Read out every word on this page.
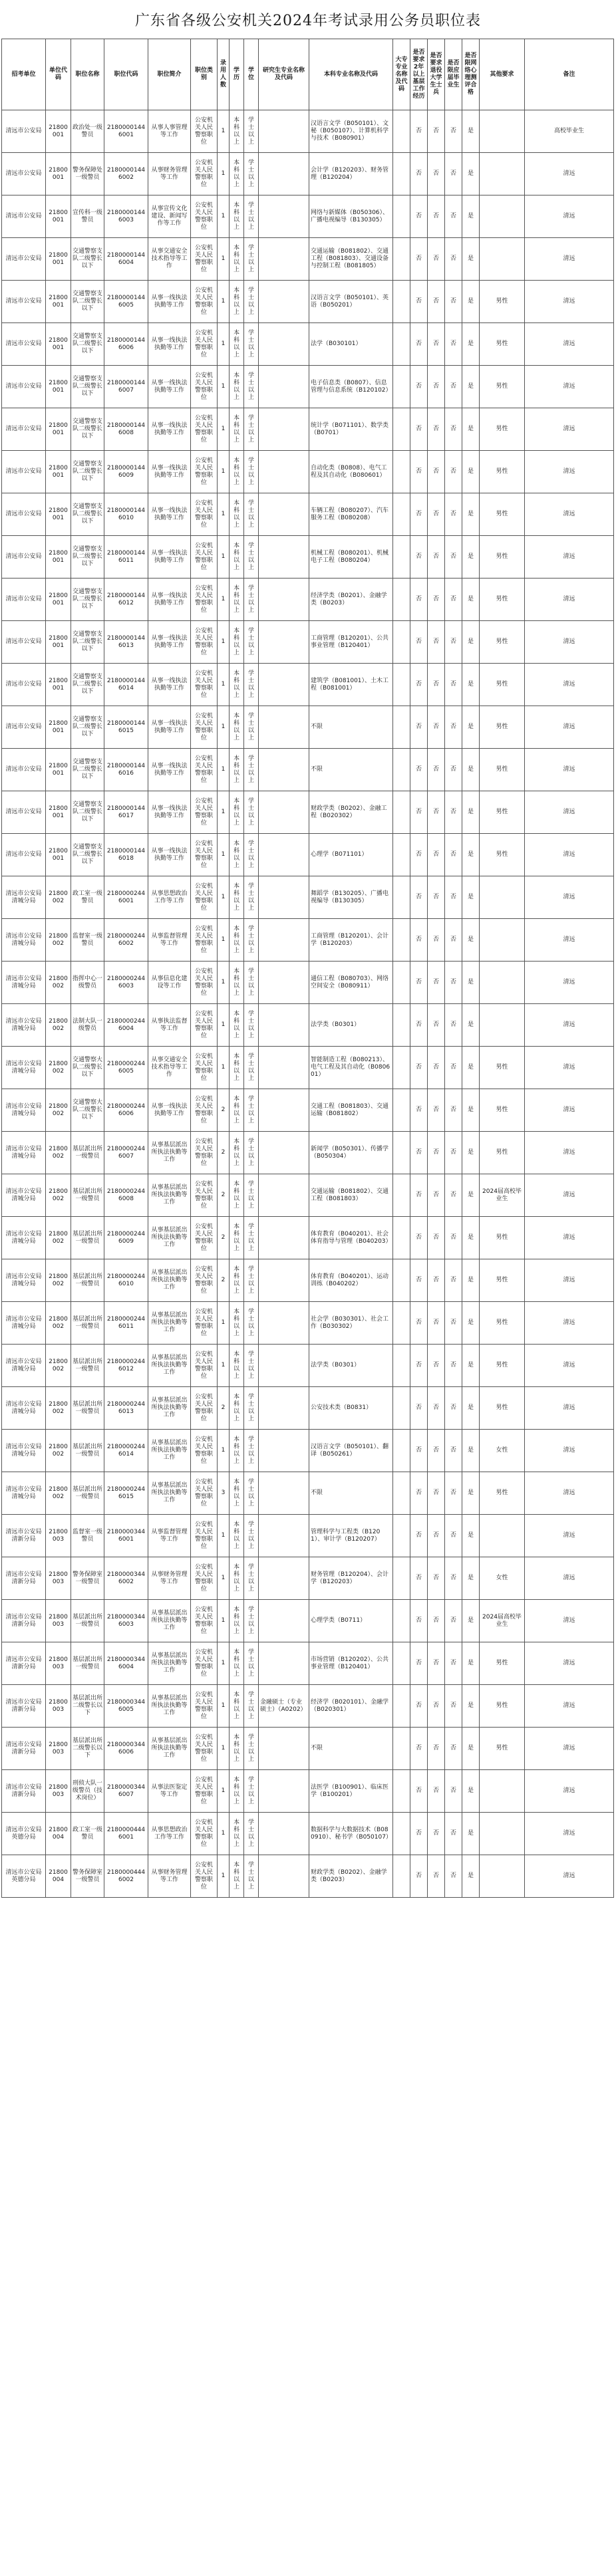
广东省各级公安机关2024年考试录用公务员职位表
招考单位	单位代码	职位名称	职位代码	职位简介	职位类别	录用人数	学历	学位	研究生专业名称及代码	本科专业名称及代码	大专专业名称及代码	是否要求2年以上基层工作经历	是否要求退役大学生士兵	是否限应届毕业生	是否限网络心理测评合格	其他要求	备注
清远市公安局	21800001	政治处一级警员	21800001446001	从事人事管理等工作	公安机关人民警察职位	1	本科以上	学士以上		汉语言文学（B050101）、文秘（B050107）、计算机科学与技术（B080901）		否	否	否	是		高校毕业生
清远市公安局	21800001	警务保障处一级警员	21800001446002	从事财务管理等工作	公安机关人民警察职位	1	本科以上	学士以上		会计学（B120203）、财务管理（B120204）		否	否	否	是		清远
清远市公安局	21800001	宣传科一级警员	21800001446003	从事宣传文化建设、新闻写作等工作	公安机关人民警察职位	1	本科以上	学士以上		网络与新媒体（B050306）、广播电视编导（B130305）		否	否	否	是		清远
清远市公安局	21800001	交通警察支队二级警长以下	21800001446004	从事交通安全技术指导等工作	公安机关人民警察职位	1	本科以上	学士以上		交通运输（B081802）、交通工程（B081803）、交通设备与控制工程（B081805）		否	否	否	是		清远
清远市公安局	21800001	交通警察支队二级警长以下	21800001446005	从事一线执法执勤等工作	公安机关人民警察职位	1	本科以上	学士以上		汉语言文学（B050101）、英语（B050201）		否	否	否	是	男性	清远
清远市公安局	21800001	交通警察支队二级警长以下	21800001446006	从事一线执法执勤等工作	公安机关人民警察职位	1	本科以上	学士以上		法学（B030101）		否	否	否	是	男性	清远
清远市公安局	21800001	交通警察支队二级警长以下	21800001446007	从事一线执法执勤等工作	公安机关人民警察职位	1	本科以上	学士以上		电子信息类（B0807）、信息管理与信息系统（B120102）		否	否	否	是	男性	清远
清远市公安局	21800001	交通警察支队二级警长以下	21800001446008	从事一线执法执勤等工作	公安机关人民警察职位	1	本科以上	学士以上		统计学（B071101）、数学类（B0701）		否	否	否	是	男性	清远
清远市公安局	21800001	交通警察支队二级警长以下	21800001446009	从事一线执法执勤等工作	公安机关人民警察职位	1	本科以上	学士以上		自动化类（B0808）、电气工程及其自动化（B080601）		否	否	否	是	男性	清远
清远市公安局	21800001	交通警察支队二级警长以下	21800001446010	从事一线执法执勤等工作	公安机关人民警察职位	1	本科以上	学士以上		车辆工程（B080207）、汽车服务工程（B080208）		否	否	否	是	男性	清远
清远市公安局	21800001	交通警察支队二级警长以下	21800001446011	从事一线执法执勤等工作	公安机关人民警察职位	1	本科以上	学士以上		机械工程（B080201）、机械电子工程（B080204）		否	否	否	是	男性	清远
清远市公安局	21800001	交通警察支队二级警长以下	21800001446012	从事一线执法执勤等工作	公安机关人民警察职位	1	本科以上	学士以上		经济学类（B0201）、金融学类（B0203）		否	否	否	是	男性	清远
清远市公安局	21800001	交通警察支队二级警长以下	21800001446013	从事一线执法执勤等工作	公安机关人民警察职位	1	本科以上	学士以上		工商管理（B120201）、公共事业管理（B120401）		否	否	否	是	男性	清远
清远市公安局	21800001	交通警察支队二级警长以下	21800001446014	从事一线执法执勤等工作	公安机关人民警察职位	1	本科以上	学士以上		建筑学（B081001）、土木工程（B081001）		否	否	否	是	男性	清远
清远市公安局	21800001	交通警察支队二级警长以下	21800001446015	从事一线执法执勤等工作	公安机关人民警察职位	1	本科以上	学士以上		不限		否	否	否	是	男性	清远
清远市公安局	21800001	交通警察支队二级警长以下	21800001446016	从事一线执法执勤等工作	公安机关人民警察职位	1	本科以上	学士以上		不限		否	否	否	是	男性	清远
清远市公安局	21800001	交通警察支队二级警长以下	21800001446017	从事一线执法执勤等工作	公安机关人民警察职位	1	本科以上	学士以上		财政学类（B0202）、金融工程（B020302）		否	否	否	是	男性	清远
清远市公安局	21800001	交通警察支队二级警长以下	21800001446018	从事一线执法执勤等工作	公安机关人民警察职位	1	本科以上	学士以上		心理学（B071101）		否	否	否	是	男性	清远
清远市公安局清城分局	21800002	政工室一级警员	21800002446001	从事思想政治工作等工作	公安机关人民警察职位	1	本科以上	学士以上		舞蹈学（B130205）、广播电视编导（B130305）		否	否	否	是		清远
清远市公安局清城分局	21800002	监督室一级警员	21800002446002	从事监督管理等工作	公安机关人民警察职位	1	本科以上	学士以上		工商管理（B120201）、会计学（B120203）		否	否	否	是		清远
清远市公安局清城分局	21800002	指挥中心一级警员	21800002446003	从事信息化建设等工作	公安机关人民警察职位	1	本科以上	学士以上		通信工程（B080703）、网络空间安全（B080911）		否	否	否	是		清远
清远市公安局清城分局	21800002	法制大队一级警员	21800002446004	从事执法监督等工作	公安机关人民警察职位	1	本科以上	学士以上		法学类（B0301）		否	否	否	是		清远
清远市公安局清城分局	21800002	交通警察大队二级警长以下	21800002446005	从事交通安全技术指导等工作	公安机关人民警察职位	1	本科以上	学士以上		智能制造工程（B080213）、电气工程及其自动化（B080601）		否	否	否	是	男性	清远
清远市公安局清城分局	21800002	交通警察大队二级警长以下	21800002446006	从事一线执法执勤等工作	公安机关人民警察职位	2	本科以上	学士以上		交通工程（B081803）、交通运输（B081802）		否	否	否	是	男性	清远
清远市公安局清城分局	21800002	基层派出所一级警员	21800002446007	从事基层派出所执法执勤等工作	公安机关人民警察职位	2	本科以上	学士以上		新闻学（B050301）、传播学（B050304）		否	否	否	是	男性	清远
清远市公安局清城分局	21800002	基层派出所一级警员	21800002446008	从事基层派出所执法执勤等工作	公安机关人民警察职位	2	本科以上	学士以上		交通运输（B081802）、交通工程（B081803）		否	否	否	是	2024届高校毕业生	清远
清远市公安局清城分局	21800002	基层派出所一级警员	21800002446009	从事基层派出所执法执勤等工作	公安机关人民警察职位	2	本科以上	学士以上		体育教育（B040201）、社会体育指导与管理（B040203）		否	否	否	是	男性	清远
清远市公安局清城分局	21800002	基层派出所一级警员	21800002446010	从事基层派出所执法执勤等工作	公安机关人民警察职位	2	本科以上	学士以上		体育教育（B040201）、运动训练（B040202）		否	否	否	是	男性	清远
清远市公安局清城分局	21800002	基层派出所一级警员	21800002446011	从事基层派出所执法执勤等工作	公安机关人民警察职位	1	本科以上	学士以上		社会学（B030301）、社会工作（B030302）		否	否	否	是	男性	清远
清远市公安局清城分局	21800002	基层派出所一级警员	21800002446012	从事基层派出所执法执勤等工作	公安机关人民警察职位	1	本科以上	学士以上		法学类（B0301）		否	否	否	是	男性	清远
清远市公安局清城分局	21800002	基层派出所一级警员	21800002446013	从事基层派出所执法执勤等工作	公安机关人民警察职位	2	本科以上	学士以上		公安技术类（B0831）		否	否	否	是	男性	清远
清远市公安局清城分局	21800002	基层派出所一级警员	21800002446014	从事基层派出所执法执勤等工作	公安机关人民警察职位	1	本科以上	学士以上		汉语言文学（B050101）、翻译（B050261）		否	否	否	是	女性	清远
清远市公安局清城分局	21800002	基层派出所一级警员	21800002446015	从事基层派出所执法执勤等工作	公安机关人民警察职位	3	本科以上	学士以上		不限		否	否	否	是	男性	清远
清远市公安局清新分局	21800003	监督室一级警员	21800003446001	从事监督管理等工作	公安机关人民警察职位	1	本科以上	学士以上		管理科学与工程类（B1201）、审计学（B120207）		否	否	否	是		清远
清远市公安局清新分局	21800003	警务保障室一级警员	21800003446002	从事财务管理等工作	公安机关人民警察职位	1	本科以上	学士以上		财务管理（B120204）、会计学（B120203）		否	否	否	是	女性	清远
清远市公安局清新分局	21800003	基层派出所一级警员	21800003446003	从事基层派出所执法执勤等工作	公安机关人民警察职位	1	本科以上	学士以上		心理学类（B0711）		否	否	否	是	2024届高校毕业生	清远
清远市公安局清新分局	21800003	基层派出所一级警员	21800003446004	从事基层派出所执法执勤等工作	公安机关人民警察职位	1	本科以上	学士以上		市场营销（B120202）、公共事业管理（B120401）		否	否	否	是	男性	清远
清远市公安局清新分局	21800003	基层派出所二级警长以下	21800003446005	从事基层派出所执法执勤等工作	公安机关人民警察职位	1	本科以上	学士以上	金融硕士（专业硕士）（A0202）	经济学（B020101）、金融学（B020301）		否	否	否	是	男性	清远
清远市公安局清新分局	21800003	基层派出所二级警长以下	21800003446006	从事基层派出所执法执勤等工作	公安机关人民警察职位	1	本科以上	学士以上		不限		否	否	否	是	男性	清远
清远市公安局清新分局	21800003	刑侦大队一级警员（技术岗位）	21800003446007	从事法医鉴定等工作	公安机关人民警察职位	1	本科以上	学士以上		法医学（B100901）、临床医学（B100201）		否	否	否	是		清远
清远市公安局英德分局	21800004	政工室一级警员	21800004446001	从事思想政治工作等工作	公安机关人民警察职位	1	本科以上	学士以上		数据科学与大数据技术（B080910）、秘书学（B050107）		否	否	否	是		清远
清远市公安局英德分局	21800004	警务保障室一级警员	21800004446002	从事财务管理等工作	公安机关人民警察职位	1	本科以上	学士以上		财政学类（B0202）、金融学类（B0203）		否	否	否	是		清远
